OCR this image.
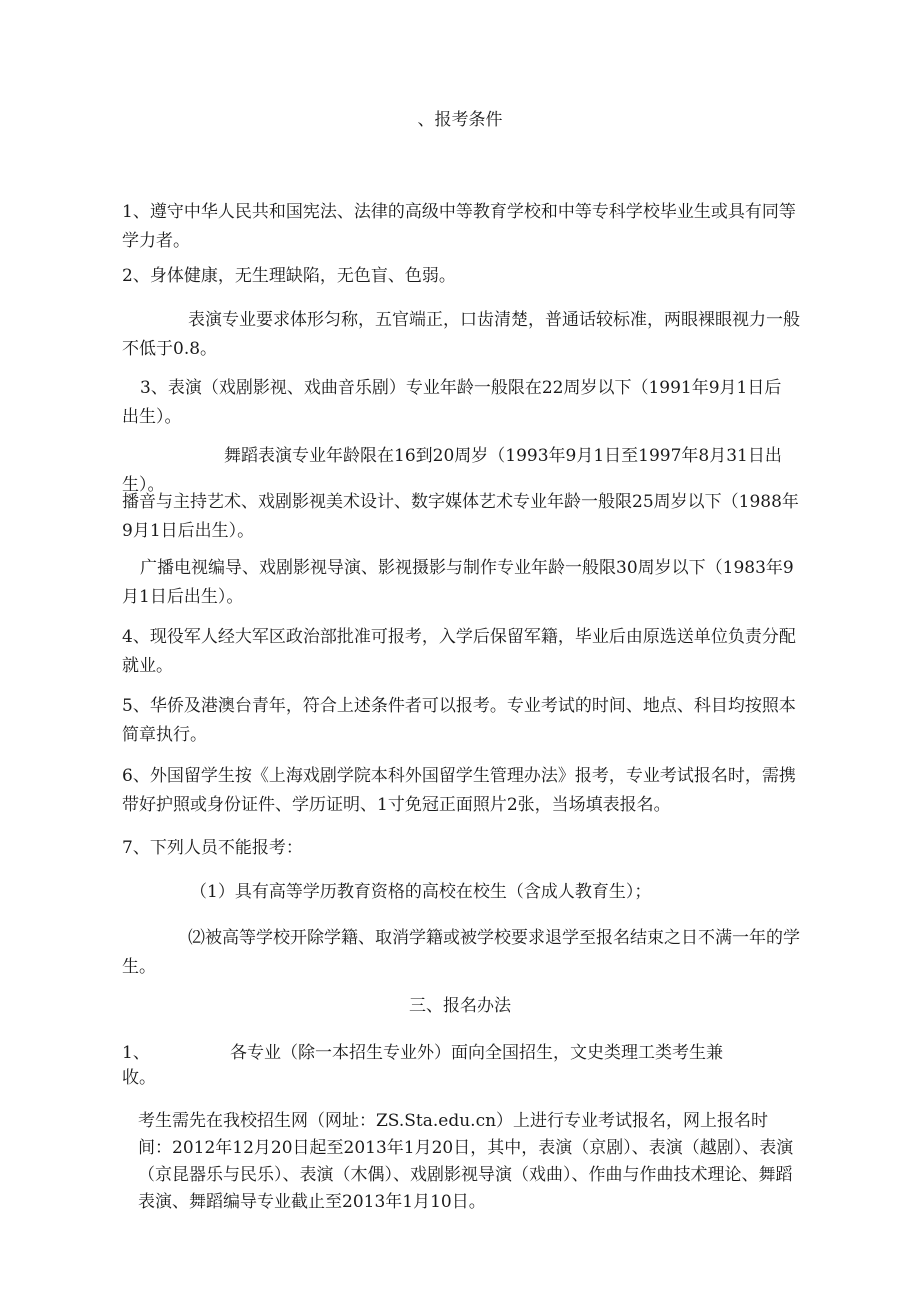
、报考条件

1、遵守中华人民共和国宪法、法律的高级中等教育学校和中等专科学校毕业生或具有同等学力者。

2、身体健康，无生理缺陷，无色盲、色弱。

表演专业要求体形匀称，五官端正，口齿清楚，普通话较标准，两眼裸眼视力一般不低于0.8。

3、表演（戏剧影视、戏曲音乐剧）专业年龄一般限在22周岁以下（1991年9月1日后出生）。

舞蹈表演专业年龄限在16到20周岁（1993年9月1日至1997年8月31日出生）。

播音与主持艺术、戏剧影视美术设计、数字媒体艺术专业年龄一般限25周岁以下（1988年9月1日后出生）。

广播电视编导、戏剧影视导演、影视摄影与制作专业年龄一般限30周岁以下（1983年9月1日后出生）。

4、现役军人经大军区政治部批准可报考，入学后保留军籍，毕业后由原选送单位负责分配就业。

5、华侨及港澳台青年，符合上述条件者可以报考。专业考试的时间、地点、科目均按照本简章执行。

6、外国留学生按《上海戏剧学院本科外国留学生管理办法》报考，专业考试报名时，需携带好护照或身份证件、学历证明、1寸免冠正面照片2张，当场填表报名。

7、下列人员不能报考：

（1）具有高等学历教育资格的高校在校生（含成人教育生）；

⑵被高等学校开除学籍、取消学籍或被学校要求退学至报名结束之日不满一年的学生。

三、报名办法
1、	各专业（除一本招生专业外）面向全国招生，文史类理工类考生兼
收。

考生需先在我校招生网（网址：ZS.Sta.edu.cn）上进行专业考试报名，网上报名时间：2012年12月20日起至2013年1月20日，其中，表演（京剧）、表演（越剧）、表演（京昆器乐与民乐）、表演（木偶）、戏剧影视导演（戏曲）、作曲与作曲技术理论、舞蹈表演、舞蹈编导专业截止至2013年1月10日。
